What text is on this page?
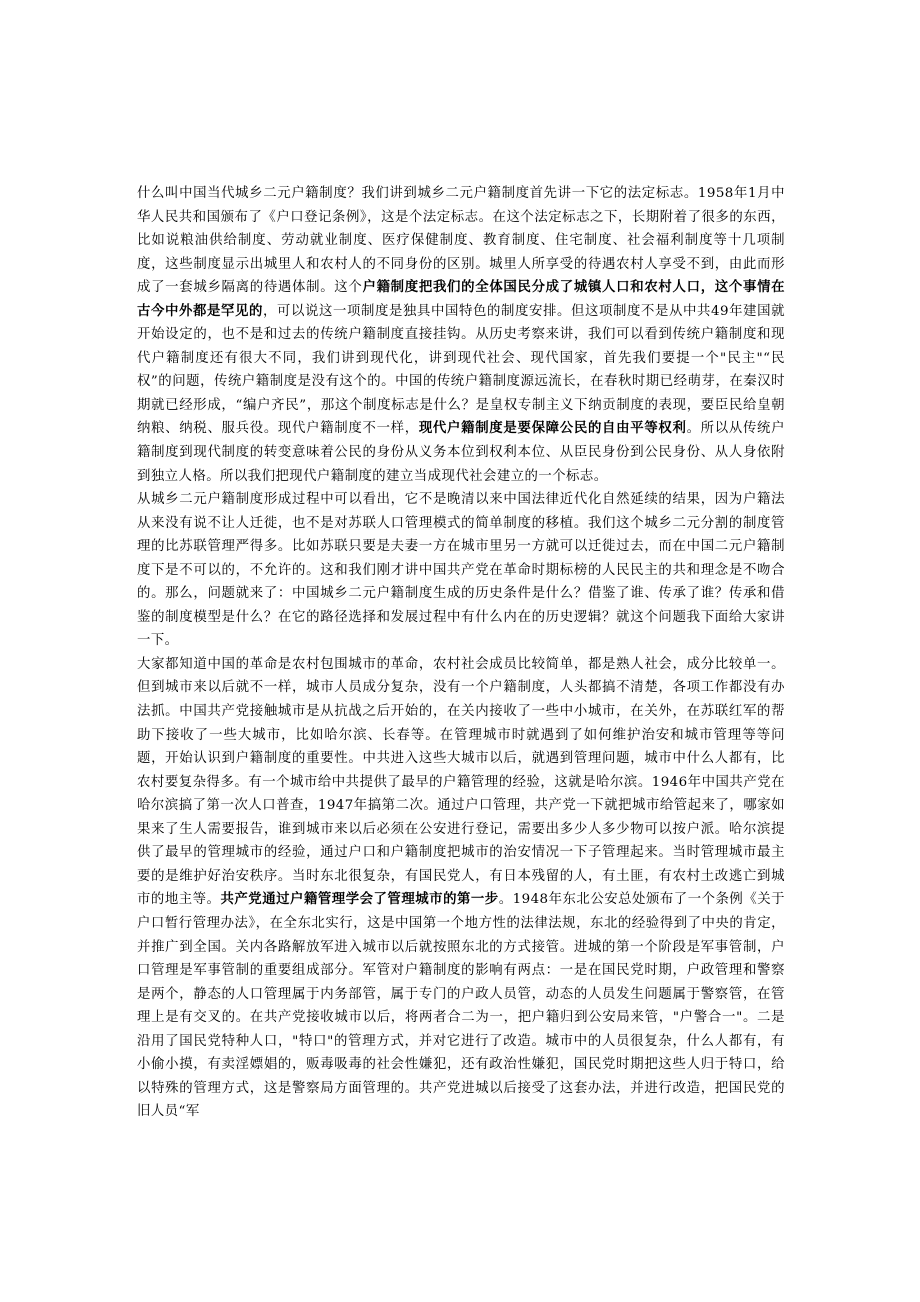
什么叫中国当代城乡二元户籍制度？我们讲到城乡二元户籍制度首先讲一下它的法定标志。1958年1月中华人民共和国颁布了《户口登记条例》，这是个法定标志。在这个法定标志之下，长期附着了很多的东西，比如说粮油供给制度、劳动就业制度、医疗保健制度、教育制度、住宅制度、社会福利制度等十几项制度，这些制度显示出城里人和农村人的不同身份的区别。城里人所享受的待遇农村人享受不到，由此而形成了一套城乡隔离的待遇体制。这个户籍制度把我们的全体国民分成了城镇人口和农村人口，这个事情在古今中外都是罕见的，可以说这一项制度是独具中国特色的制度安排。但这项制度不是从中共49年建国就开始设定的，也不是和过去的传统户籍制度直接挂钩。从历史考察来讲，我们可以看到传统户籍制度和现代户籍制度还有很大不同，我们讲到现代化，讲到现代社会、现代国家，首先我们要提一个"民主"“民权”的问题，传统户籍制度是没有这个的。中国的传统户籍制度源远流长，在春秋时期已经萌芽，在秦汉时期就已经形成，“编户齐民”，那这个制度标志是什么？是皇权专制主义下纳贡制度的表现，要臣民给皇朝纳粮、纳税、服兵役。现代户籍制度不一样，现代户籍制度是要保障公民的自由平等权利。所以从传统户籍制度到现代制度的转变意味着公民的身份从义务本位到权利本位、从臣民身份到公民身份、从人身依附到独立人格。所以我们把现代户籍制度的建立当成现代社会建立的一个标志。

从城乡二元户籍制度形成过程中可以看出，它不是晚清以来中国法律近代化自然延续的结果，因为户籍法从来没有说不让人迁徙，也不是对苏联人口管理模式的简单制度的移植。我们这个城乡二元分割的制度管理的比苏联管理严得多。比如苏联只要是夫妻一方在城市里另一方就可以迁徙过去，而在中国二元户籍制度下是不可以的，不允许的。这和我们刚才讲中国共产党在革命时期标榜的人民民主的共和理念是不吻合的。那么，问题就来了：中国城乡二元户籍制度生成的历史条件是什么？借鉴了谁、传承了谁？传承和借鉴的制度模型是什么？在它的路径选择和发展过程中有什么内在的历史逻辑？就这个问题我下面给大家讲一下。

大家都知道中国的革命是农村包围城市的革命，农村社会成员比较简单，都是熟人社会，成分比较单一。但到城市来以后就不一样，城市人员成分复杂，没有一个户籍制度，人头都搞不清楚，各项工作都没有办法抓。中国共产党接触城市是从抗战之后开始的，在关内接收了一些中小城市，在关外，在苏联红军的帮助下接收了一些大城市，比如哈尔滨、长春等。在管理城市时就遇到了如何维护治安和城市管理等等问题，开始认识到户籍制度的重要性。中共进入这些大城市以后，就遇到管理问题，城市中什么人都有，比农村要复杂得多。有一个城市给中共提供了最早的户籍管理的经验，这就是哈尔滨。1946年中国共产党在哈尔滨搞了第一次人口普查，1947年搞第二次。通过户口管理，共产党一下就把城市给管起来了，哪家如果来了生人需要报告，谁到城市来以后必须在公安进行登记，需要出多少人多少物可以按户派。哈尔滨提供了最早的管理城市的经验，通过户口和户籍制度把城市的治安情况一下子管理起来。当时管理城市最主要的是维护好治安秩序。当时东北很复杂，有国民党人，有日本残留的人，有土匪，有农村土改逃亡到城市的地主等。共产党通过户籍管理学会了管理城市的第一步。1948年东北公安总处颁布了一个条例《关于户口暂行管理办法》，在全东北实行，这是中国第一个地方性的法律法规，东北的经验得到了中央的肯定，并推广到全国。关内各路解放军进入城市以后就按照东北的方式接管。进城的第一个阶段是军事管制，户口管理是军事管制的重要组成部分。军管对户籍制度的影响有两点：一是在国民党时期，户政管理和警察是两个，静态的人口管理属于内务部管，属于专门的户政人员管，动态的人员发生问题属于警察管，在管理上是有交叉的。在共产党接收城市以后，将两者合二为一，把户籍归到公安局来管，"户警合一"。二是沿用了国民党特种人口，"特口"的管理方式，并对它进行了改造。城市中的人员很复杂，什么人都有，有小偷小摸，有卖淫嫖娼的，贩毒吸毒的社会性嫌犯，还有政治性嫌犯，国民党时期把这些人归于特口，给以特殊的管理方式，这是警察局方面管理的。共产党进城以后接受了这套办法，并进行改造，把国民党的旧人员“军
